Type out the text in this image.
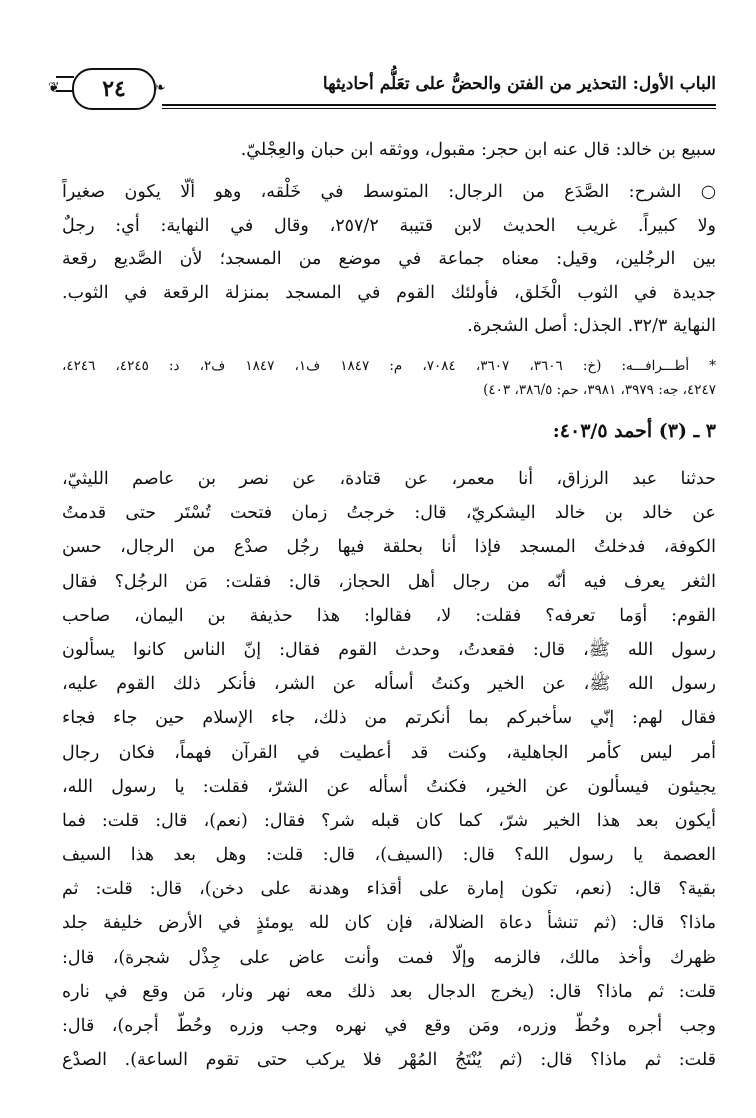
الباب الأول: التحذير من الفتن والحضُّ على تعَلُّم أحاديثها
❦ ٢٤ ❧
سبيع بن خالد: قال عنه ابن حجر: مقبول، ووثقه ابن حبان والعِجْليّ.
○ الشرح: الصَّدَع من الرجال: المتوسط في خَلْقه، وهو ألّا يكون صغيراً
ولا كبيراً. غريب الحديث لابن قتيبة ٢٥٧/٢، وقال في النهاية: أي: رجلٌ
بين الرجُلين، وقيل: معناه جماعة في موضع من المسجد؛ لأن الصَّديع رقعة
جديدة في الثوب الْخَلق، فأولئك القوم في المسجد بمنزلة الرقعة في الثوب.
النهاية ٣٢/٣. الجذل: أصل الشجرة.
* أطـــرافـــه: (خ: ٣٦٠٦، ٣٦٠٧، ٧٠٨٤، م: ١٨٤٧ ف١، ١٨٤٧ ف٢، د: ٤٢٤٥، ٤٢٤٦،
٤٢٤٧، جه: ٣٩٧٩، ٣٩٨١، حم: ٣٨٦/٥، ٤٠٣)
٣ ـ (٣) أحمد ٤٠٣/٥:
حدثنا عبد الرزاق، أنا معمر، عن قتادة، عن نصر بن عاصم الليثيّ،
عن خالد بن خالد اليشكريّ، قال: خرجتُ زمان فتحت تُسْتَر حتى قدمتُ
الكوفة، فدخلتُ المسجد فإذا أنا بحلقة فيها رجُل صدْع من الرجال، حسن
الثغر يعرف فيه أنّه من رجال أهل الحجاز، قال: فقلت: مَن الرجُل؟ فقال
القوم: أوَما تعرفه؟ فقلت: لا، فقالوا: هذا حذيفة بن اليمان، صاحب
رسول الله ﷺ، قال: فقعدتُ، وحدث القوم فقال: إنّ الناس كانوا يسألون
رسول الله ﷺ، عن الخير وكنتُ أسأله عن الشر، فأنكر ذلك القوم عليه،
فقال لهم: إنّي سأخبركم بما أنكرتم من ذلك، جاء الإسلام حين جاء فجاء
أمر ليس كأمر الجاهلية، وكنت قد أعطيت في القرآن فهماً، فكان رجال
يجيئون فيسألون عن الخير، فكنتُ أسأله عن الشرّ، فقلت: يا رسول الله،
أيكون بعد هذا الخير شرّ، كما كان قبله شر؟ فقال: (نعم)، قال: قلت: فما
العصمة يا رسول الله؟ قال: (السيف)، قال: قلت: وهل بعد هذا السيف
بقية؟ قال: (نعم، تكون إمارة على أقذاء وهدنة على دخن)، قال: قلت: ثم
ماذا؟ قال: (ثم تنشأ دعاة الضلالة، فإن كان لله يومئذٍ في الأرض خليفة جلد
ظهرك وأخذ مالك، فالزمه وإلّا فمت وأنت عاض على جِذْل شجرة)، قال:
قلت: ثم ماذا؟ قال: (يخرج الدجال بعد ذلك معه نهر ونار، مَن وقع في ناره
وجب أجره وحُطّ وزره، ومَن وقع في نهره وجب وزره وحُطّ أجره)، قال:
قلت: ثم ماذا؟ قال: (ثم يُنْتَجُ المُهْر فلا يركب حتى تقوم الساعة). الصدْع
